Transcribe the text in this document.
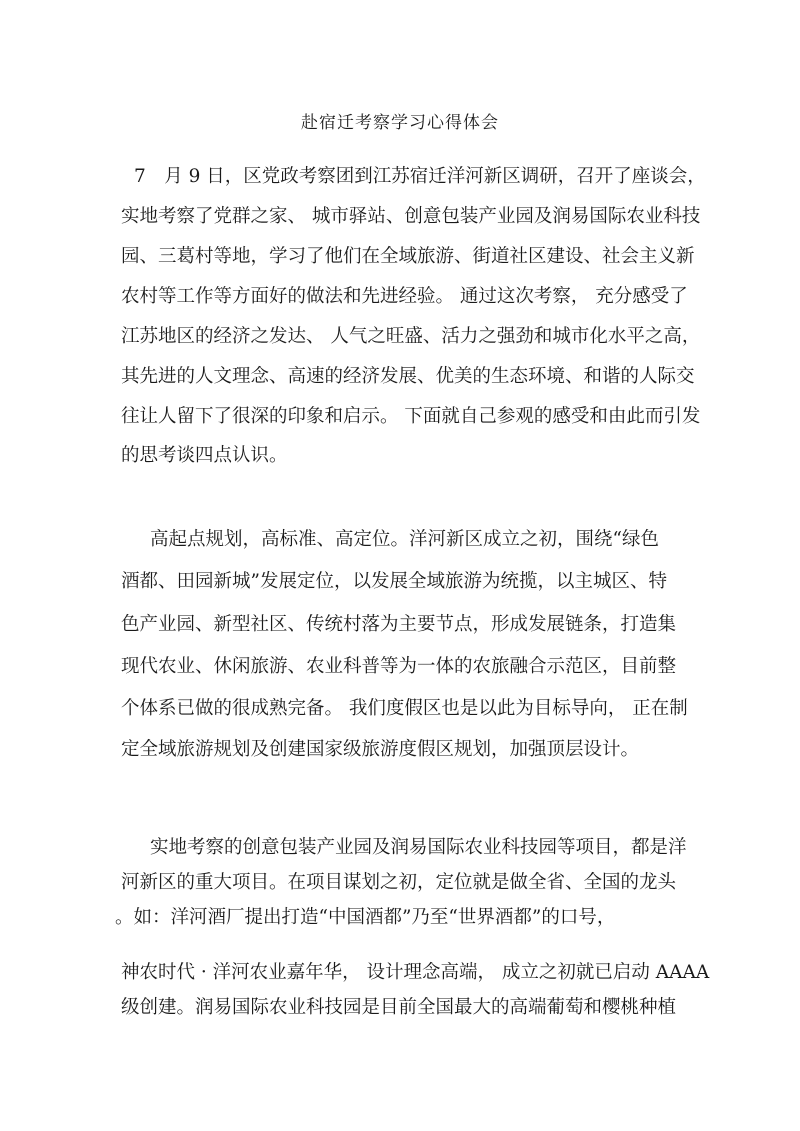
赴宿迁考察学习心得体会
7　月 9 日，区党政考察团到江苏宿迁洋河新区调研，召开了座谈会，
实地考察了党群之家、 城市驿站、创意包装产业园及润易国际农业科技
园、三葛村等地，学习了他们在全域旅游、街道社区建设、社会主义新
农村等工作等方面好的做法和先进经验。 通过这次考察， 充分感受了
江苏地区的经济之发达、 人气之旺盛、活力之强劲和城市化水平之高，
其先进的人文理念、高速的经济发展、优美的生态环境、和谐的人际交
往让人留下了很深的印象和启示。 下面就自己参观的感受和由此而引发
的思考谈四点认识。
高起点规划，高标准、高定位。洋河新区成立之初，围绕“绿色
酒都、田园新城”发展定位，以发展全域旅游为统揽，以主城区、特
色产业园、新型社区、传统村落为主要节点，形成发展链条，打造集
现代农业、休闲旅游、农业科普等为一体的农旅融合示范区，目前整
个体系已做的很成熟完备。 我们度假区也是以此为目标导向， 正在制
定全域旅游规划及创建国家级旅游度假区规划，加强顶层设计。
实地考察的创意包装产业园及润易国际农业科技园等项目，都是洋
河新区的重大项目。在项目谋划之初，定位就是做全省、全国的龙头
。如：洋河酒厂提出打造“中国酒都”乃至“世界酒都”的口号，
神农时代 · 洋河农业嘉年华， 设计理念高端， 成立之初就已启动 AAAA
级创建。润易国际农业科技园是目前全国最大的高端葡萄和樱桃种植
